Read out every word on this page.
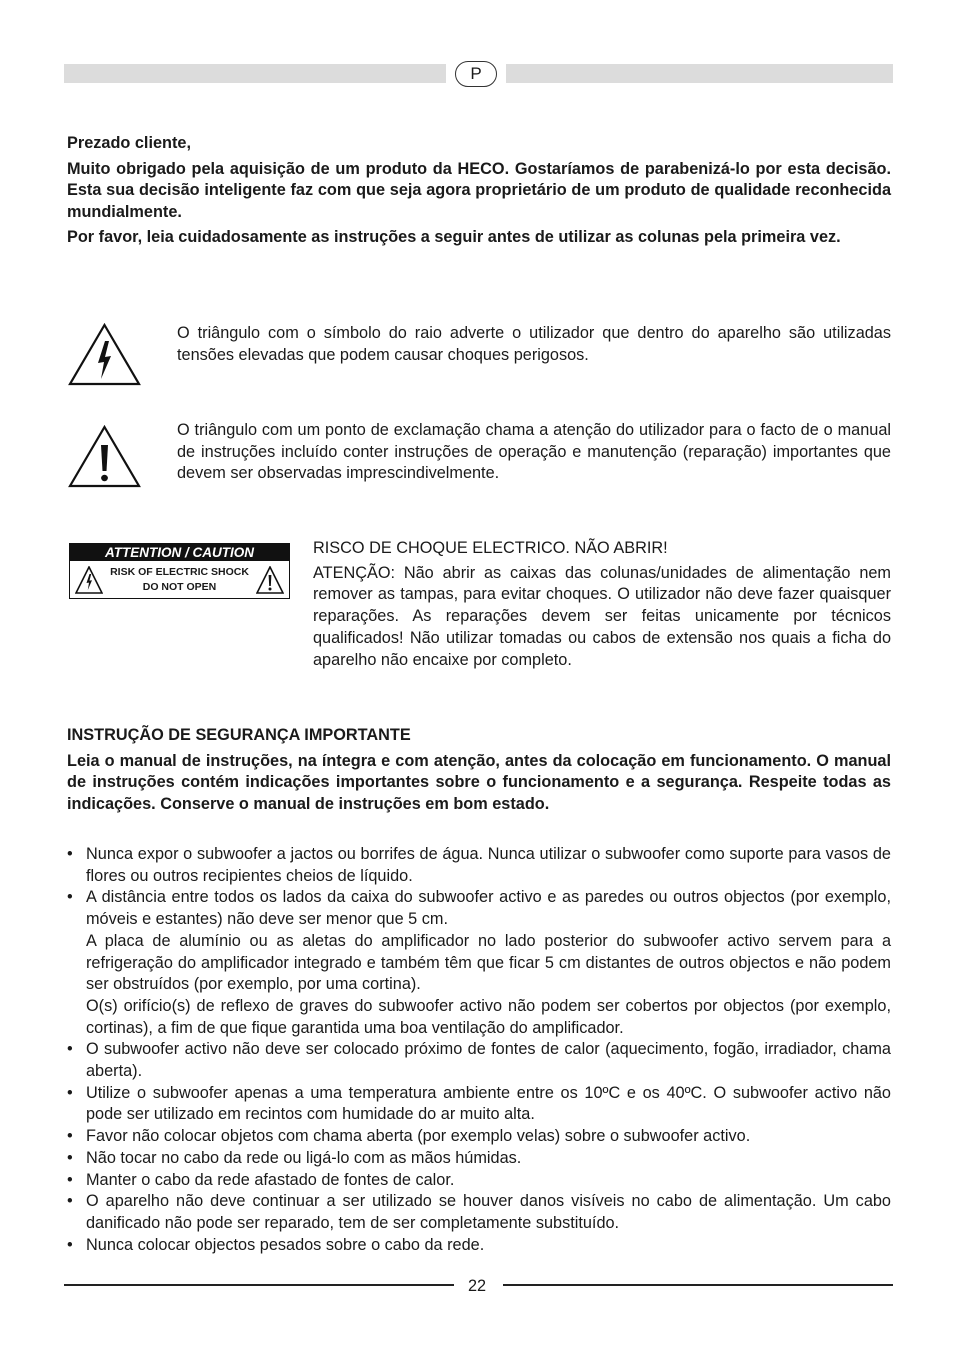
P

Prezado cliente,

Muito obrigado pela aquisição de um produto da HECO. Gostaríamos de parabenizá-lo por esta decisão. Esta sua decisão inteligente faz com que seja agora proprietário de um produto de qualidade reconhecida mundialmente.

Por favor, leia cuidadosamente as instruções a seguir antes de utilizar as colunas pela primeira vez.

O triângulo com o símbolo do raio adverte o utilizador que dentro do aparelho são utilizadas tensões elevadas que podem causar choques perigosos.
O triângulo com um ponto de exclamação chama a atenção do utilizador para o facto de o manual de instruções incluído conter instruções de operação e manutenção (reparação) importantes que devem ser observadas imprescindivelmente.
ATTENTION / CAUTION
RISK OF ELECTRIC SHOCK
DO NOT OPEN

RISCO DE CHOQUE ELECTRICO. NÃO ABRIR!

ATENÇÃO: Não abrir as caixas das colunas/unidades de alimentação nem remover as tampas, para evitar choques. O utilizador não deve fazer quaisquer reparações. As reparações devem ser feitas unicamente por técnicos qualificados! Não utilizar tomadas ou cabos de extensão nos quais a ficha do aparelho não encaixe por completo.

INSTRUÇÃO DE SEGURANÇA IMPORTANTE

Leia o manual de instruções, na íntegra e com atenção, antes da colocação em funcionamento. O manual de instruções contém indicações importantes sobre o funcionamento e a segurança. Respeite todas as indicações. Conserve o manual de instruções em bom estado.

• Nunca expor o subwoofer a jactos ou borrifes de água. Nunca utilizar o subwoofer como suporte para vasos de flores ou outros recipientes cheios de líquido.
• A distância entre todos os lados da caixa do subwoofer activo e as paredes ou outros objectos (por exemplo, móveis e estantes) não deve ser menor que 5 cm.
A placa de alumínio ou as aletas do amplificador no lado posterior do subwoofer activo servem para a refrigeração do amplificador integrado e também têm que ficar 5 cm distantes de outros objectos e não podem ser obstruídos (por exemplo, por uma cortina).
O(s) orifício(s) de reflexo de graves do subwoofer activo não podem ser cobertos por objectos (por exemplo, cortinas), a fim de que fique garantida uma boa ventilação do amplificador.
• O subwoofer activo não deve ser colocado próximo de fontes de calor (aquecimento, fogão, irradiador, chama aberta).
• Utilize o subwoofer apenas a uma temperatura ambiente entre os 10ºC e os 40ºC. O subwoofer activo não pode ser utilizado em recintos com humidade do ar muito alta.
• Favor não colocar objetos com chama aberta (por exemplo velas) sobre o subwoofer activo.
• Não tocar no cabo da rede ou ligá-lo com as mãos húmidas.
• Manter o cabo da rede afastado de fontes de calor.
• O aparelho não deve continuar a ser utilizado se houver danos visíveis no cabo de alimentação. Um cabo danificado não pode ser reparado, tem de ser completamente substituído.
• Nunca colocar objectos pesados sobre o cabo da rede.
22
